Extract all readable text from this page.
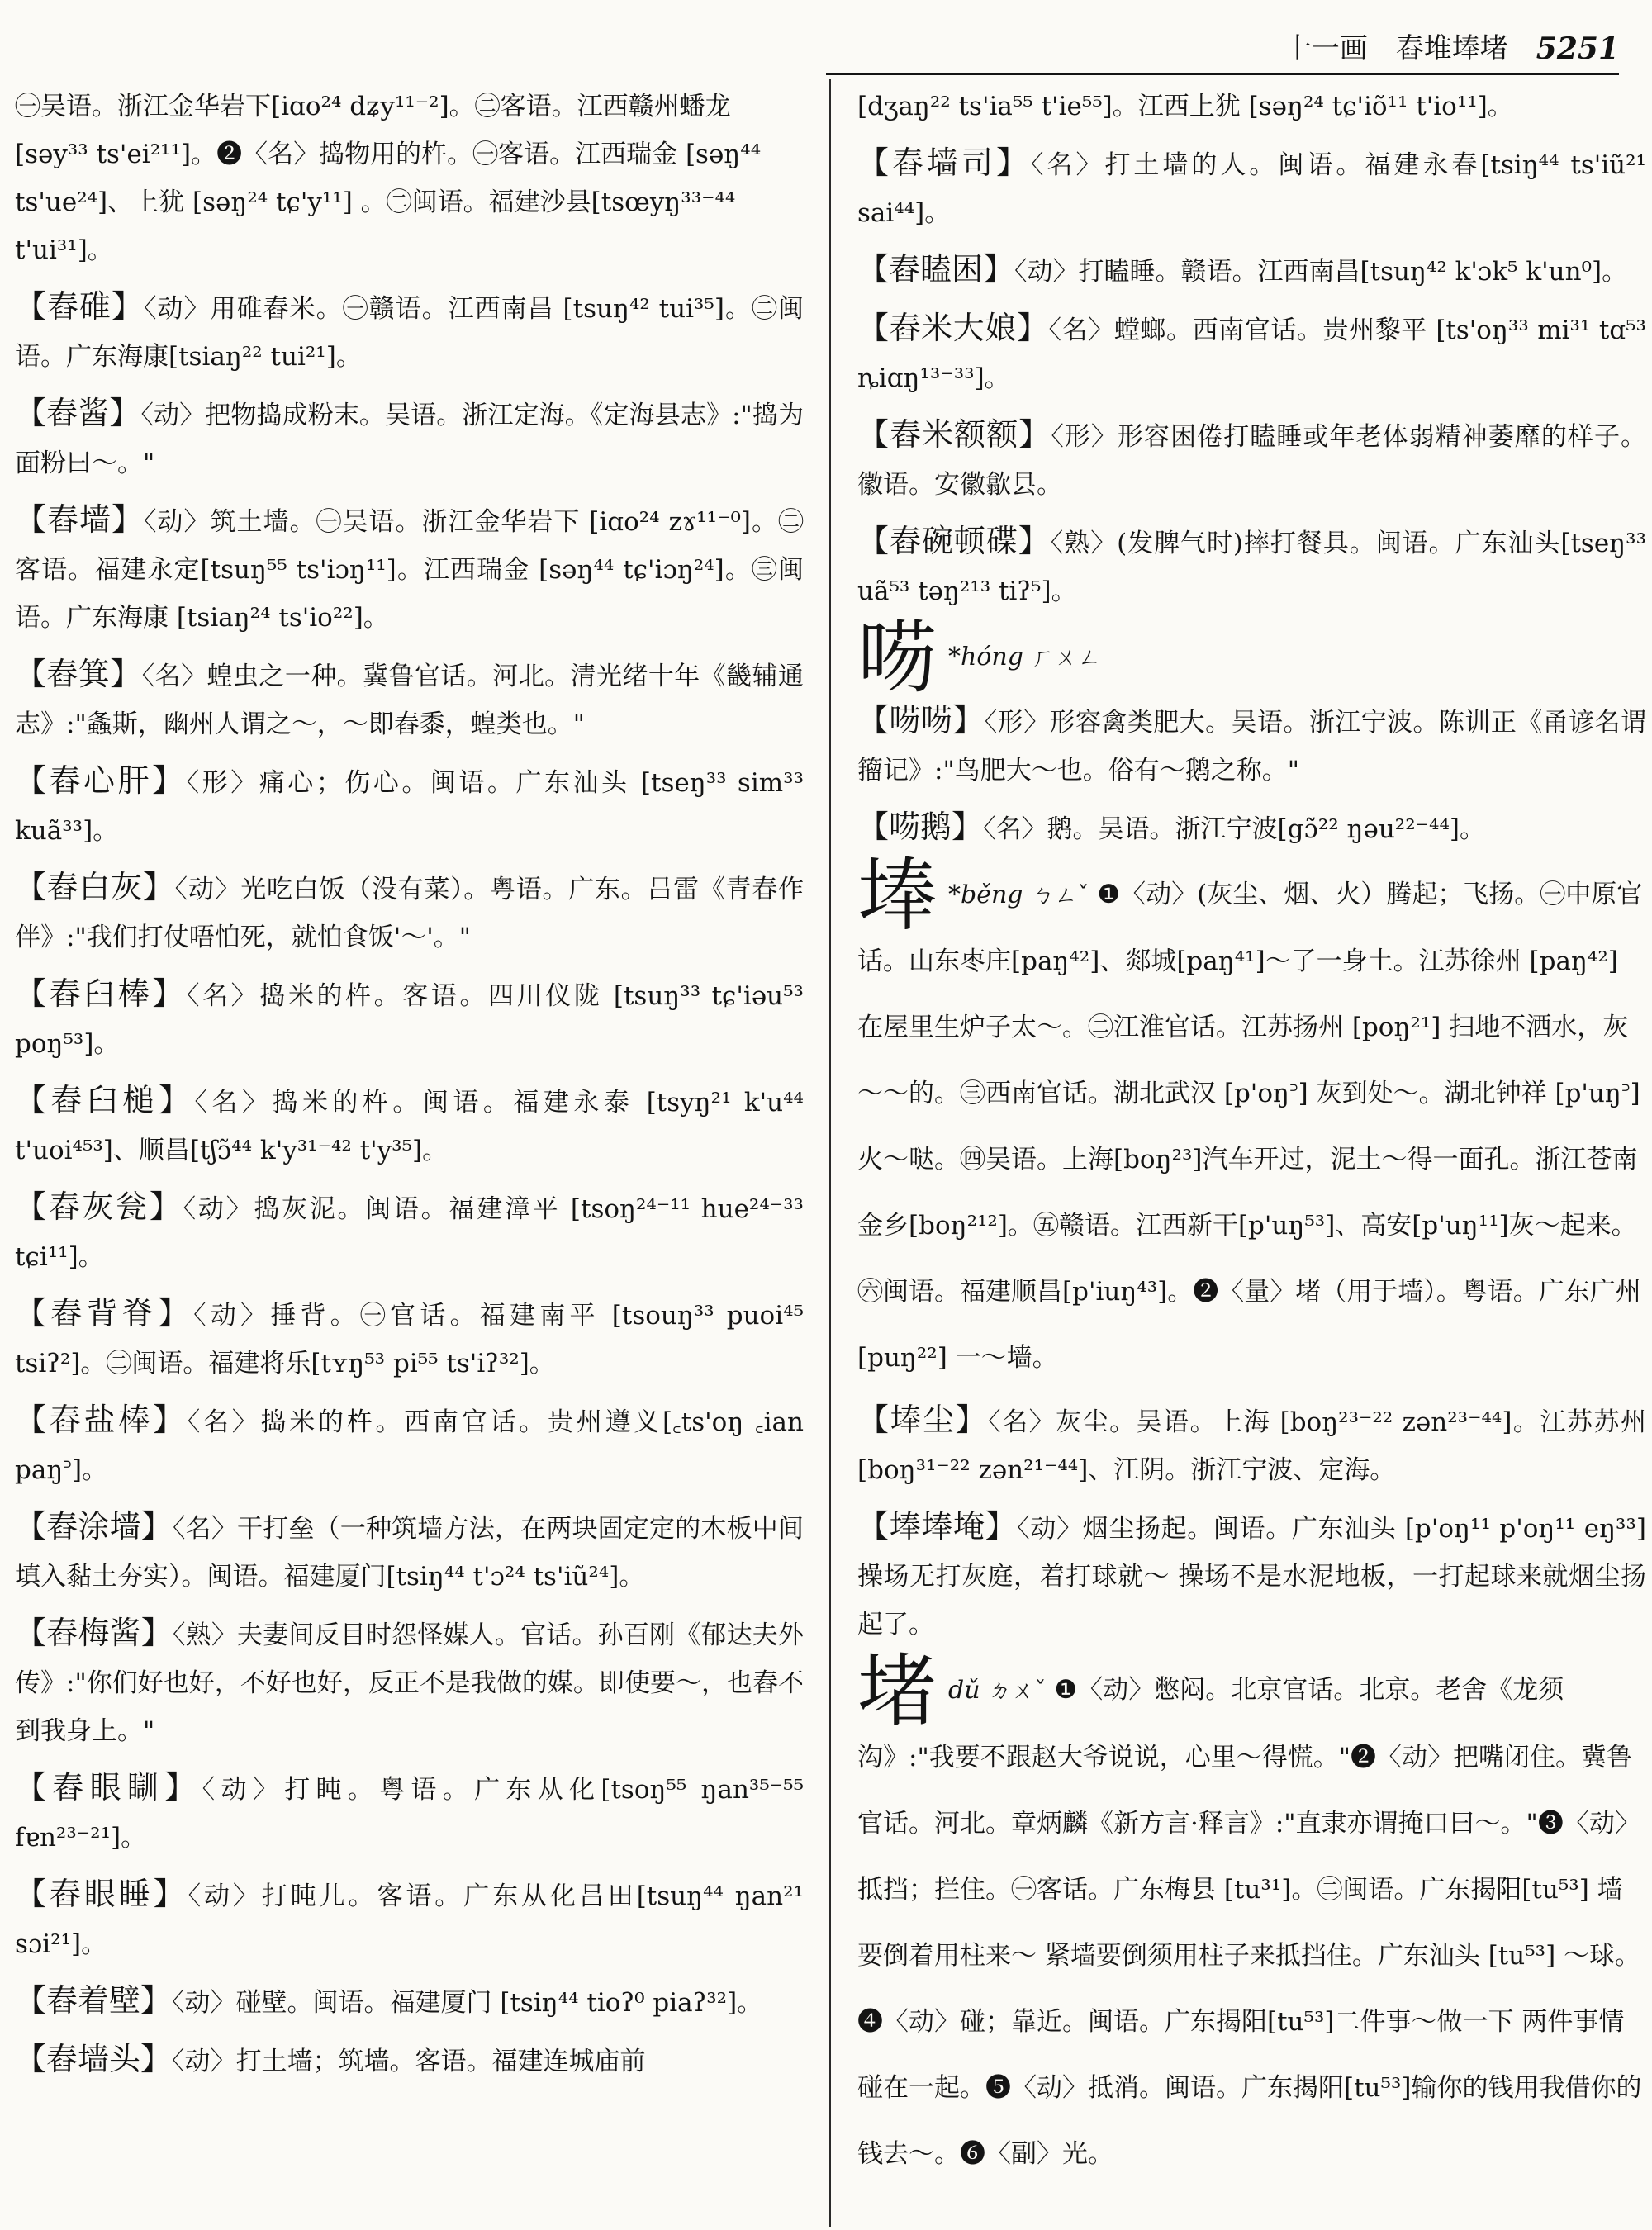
十一画 舂堆埲堵 5251
㊀吴语。浙江金华岩下[iɑo²⁴ dʑy¹¹⁻²]。㊁客语。江西赣州蟠龙 [səy³³ ts'ei²¹¹]。❷〈名〉捣物用的杵。㊀客语。江西瑞金 [səŋ⁴⁴ ts'ue²⁴]、上犹 [səŋ²⁴ tɕ'y¹¹] 。㊁闽语。福建沙县[tsœyŋ³³⁻⁴⁴ t'ui³¹]。
【舂碓】〈动〉用碓舂米。㊀赣语。江西南昌 [tsuŋ⁴² tui³⁵]。㊁闽语。广东海康[tsiaŋ²² tui²¹]。
【舂酱】〈动〉把物捣成粉末。吴语。浙江定海。《定海县志》:"捣为面粉曰～。"
【舂墙】〈动〉筑土墙。㊀吴语。浙江金华岩下 [iɑo²⁴ zɤ¹¹⁻⁰]。㊁客语。福建永定[tsuŋ⁵⁵ ts'iɔŋ¹¹]。江西瑞金 [səŋ⁴⁴ tɕ'iɔŋ²⁴]。㊂闽语。广东海康 [tsiaŋ²⁴ ts'io²²]。
【舂箕】〈名〉蝗虫之一种。冀鲁官话。河北。清光绪十年《畿辅通志》:"螽斯，幽州人谓之～，～即舂黍，蝗类也。"
【舂心肝】〈形〉痛心；伤心。闽语。广东汕头 [tseŋ³³ sim³³ kuã³³]。
【舂白灰】〈动〉光吃白饭（没有菜）。粤语。广东。吕雷《青春作伴》:"我们打仗唔怕死，就怕食饭'～'。"
【舂臼棒】〈名〉捣米的杵。客语。四川仪陇 [tsuŋ³³ tɕ'iəu⁵³ poŋ⁵³]。
【舂臼槌】〈名〉捣米的杵。闽语。福建永泰 [tsyŋ²¹ k'u⁴⁴ t'uoi⁴⁵³]、顺昌[tʃɔ̃⁴⁴ k'y³¹⁻⁴² t'y³⁵]。
【舂灰瓮】〈动〉捣灰泥。闽语。福建漳平 [tsoŋ²⁴⁻¹¹ hue²⁴⁻³³ tɕi¹¹]。
【舂背脊】〈动〉捶背。㊀官话。福建南平 [tsouŋ³³ puoi⁴⁵ tsiʔ²]。㊁闽语。福建将乐[tʏŋ⁵³ pi⁵⁵ ts'iʔ³²]。
【舂盐棒】〈名〉捣米的杵。西南官话。贵州遵义[꜀ts'oŋ ꜀ian paŋ꜄]。
【舂涂墙】〈名〉干打垒（一种筑墙方法，在两块固定定的木板中间填入黏土夯实）。闽语。福建厦门[tsiŋ⁴⁴ t'ɔ²⁴ ts'iũ²⁴]。
【舂梅酱】〈熟〉夫妻间反目时怨怪媒人。官话。孙百刚《郁达夫外传》:"你们好也好，不好也好，反正不是我做的媒。即使要～，也舂不到我身上。"
【舂眼瞓】〈动〉打盹。粤语。广东从化[tsoŋ⁵⁵ ŋan³⁵⁻⁵⁵ fɐn²³⁻²¹]。
【舂眼睡】〈动〉打盹儿。客语。广东从化吕田[tsuŋ⁴⁴ ŋan²¹ sɔi²¹]。
【舂着壁】〈动〉碰壁。闽语。福建厦门 [tsiŋ⁴⁴ tioʔ⁰ piaʔ³²]。
【舂墙头】〈动〉打土墙；筑墙。客语。福建连城庙前
[dʒaŋ²² ts'ia⁵⁵ t'ie⁵⁵]。江西上犹 [səŋ²⁴ tɕ'iõ¹¹ t'io¹¹]。
【舂墙司】〈名〉打土墙的人。闽语。福建永春[tsiŋ⁴⁴ ts'iũ²¹ sai⁴⁴]。
【舂瞌困】〈动〉打瞌睡。赣语。江西南昌[tsuŋ⁴² k'ɔk⁵ k'un⁰]。
【舂米大娘】〈名〉螳螂。西南官话。贵州黎平 [ts'oŋ³³ mi³¹ tɑ⁵³ ȵiɑŋ¹³⁻³³]。
【舂米额额】〈形〉形容困倦打瞌睡或年老体弱精神萎靡的样子。徽语。安徽歙县。
【舂碗顿碟】〈熟〉(发脾气时)摔打餐具。闽语。广东汕头[tseŋ³³ uã⁵³ təŋ²¹³ tiʔ⁵]。
㖴 *hóng ㄏㄨㄥ
【㖴㖴】〈形〉形容禽类肥大。吴语。浙江宁波。陈训正《甬谚名谓籀记》:"鸟肥大～也。俗有～鹅之称。"
【㖴鹅】〈名〉鹅。吴语。浙江宁波[gɔ̃²² ŋəu²²⁻⁴⁴]。
埲 *běng ㄅㄥˇ ❶〈动〉(灰尘、烟、火）腾起；飞扬。㊀中原官话。山东枣庄[paŋ⁴²]、郯城[paŋ⁴¹]～了一身土。江苏徐州 [paŋ⁴²] 在屋里生炉子太～。㊁江淮官话。江苏扬州 [poŋ²¹] 扫地不洒水，灰～～的。㊂西南官话。湖北武汉 [p'oŋ꜄] 灰到处～。湖北钟祥 [p'uŋ꜄] 火～哒。㊃吴语。上海[boŋ²³]汽车开过，泥土～得一面孔。浙江苍南金乡[boŋ²¹²]。㊄赣语。江西新干[p'uŋ⁵³]、高安[p'uŋ¹¹]灰～起来。㊅闽语。福建顺昌[p'iuŋ⁴³]。❷〈量〉堵（用于墙）。粤语。广东广州 [puŋ²²] 一～墙。
【埲尘】〈名〉灰尘。吴语。上海 [boŋ²³⁻²² zən²³⁻⁴⁴]。江苏苏州 [boŋ³¹⁻²² zən²¹⁻⁴⁴]、江阴。浙江宁波、定海。
【埲埲埯】〈动〉烟尘扬起。闽语。广东汕头 [p'oŋ¹¹ p'oŋ¹¹ eŋ³³] 操场无打灰庭，着打球就～ 操场不是水泥地板，一打起球来就烟尘扬起了。
堵dǔ ㄉㄨˇ ❶〈动〉憋闷。北京官话。北京。老舍《龙须沟》:"我要不跟赵大爷说说，心里～得慌。"❷〈动〉把嘴闭住。冀鲁官话。河北。章炳麟《新方言·释言》:"直隶亦谓掩口曰～。"❸〈动〉抵挡；拦住。㊀客话。广东梅县 [tu³¹]。㊁闽语。广东揭阳[tu⁵³] 墙要倒着用柱来～ 紧墙要倒须用柱子来抵挡住。广东汕头 [tu⁵³] ～球。❹〈动〉碰；靠近。闽语。广东揭阳[tu⁵³]二件事～做一下 两件事情碰在一起。❺〈动〉抵消。闽语。广东揭阳[tu⁵³]输你的钱用我借你的钱去～。❻〈副〉光。
